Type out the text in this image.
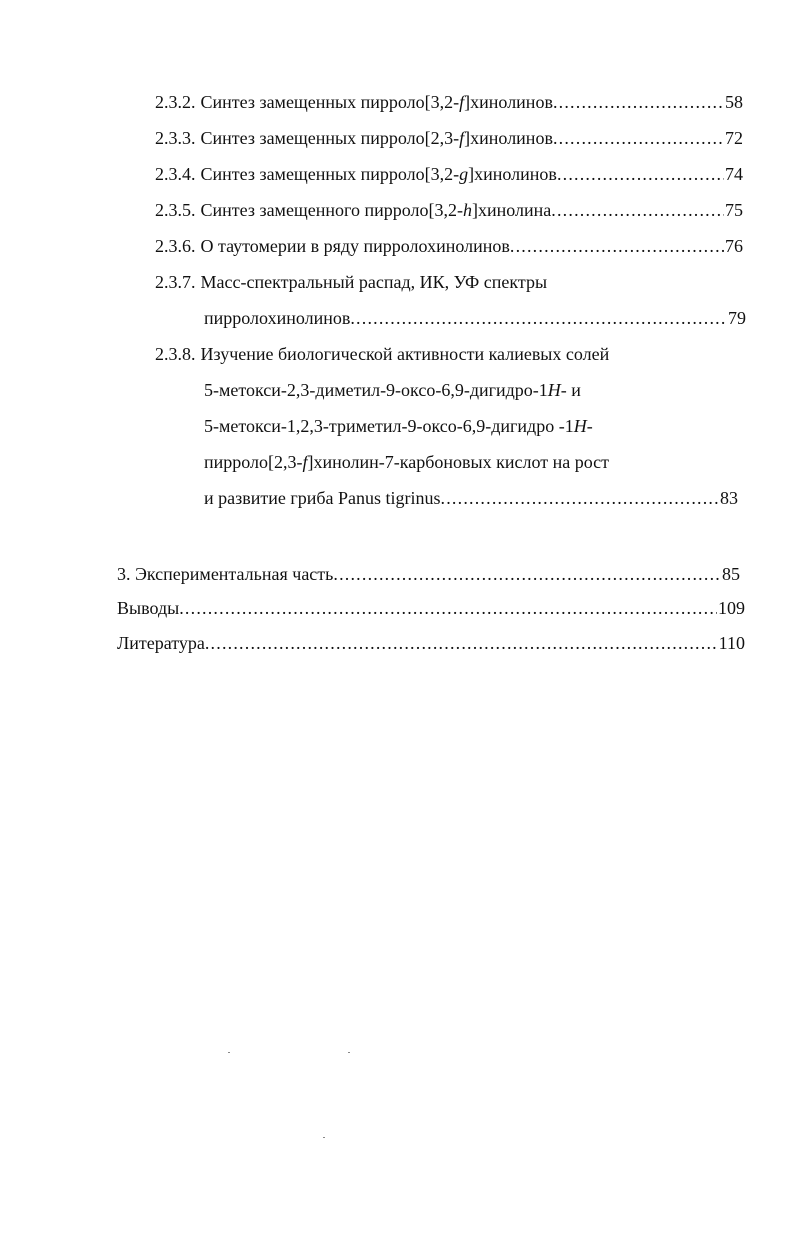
2.3.2. Синтез замещенных пирроло[3,2-f]хинолинов .....	58
2.3.3. Синтез замещенных пирроло[2,3-f]хинолинов .....	72
2.3.4. Синтез замещенных пирроло[3,2-g]хинолинов .....	74
2.3.5. Синтез замещенного пирроло[3,2-h]хинолина .....	75
2.3.6. О таутомерии в ряду пирролохинолинов .....	76
2.3.7. Масс-спектральный распад, ИК, УФ спектры
пирролохинолинов .....	79
2.3.8. Изучение биологической активности калиевых солей
5-метокси-2,3-диметил-9-оксо-6,9-дигидро-1H- и
5-метокси-1,2,3-триметил-9-оксо-6,9-дигидро -1H-
пирроло[2,3-f]хинолин-7-карбоновых кислот на рост
и развитие гриба Panus tigrinus .....	83
3. Экспериментальная часть .....	85
Выводы .....	109
Литература .....	110
